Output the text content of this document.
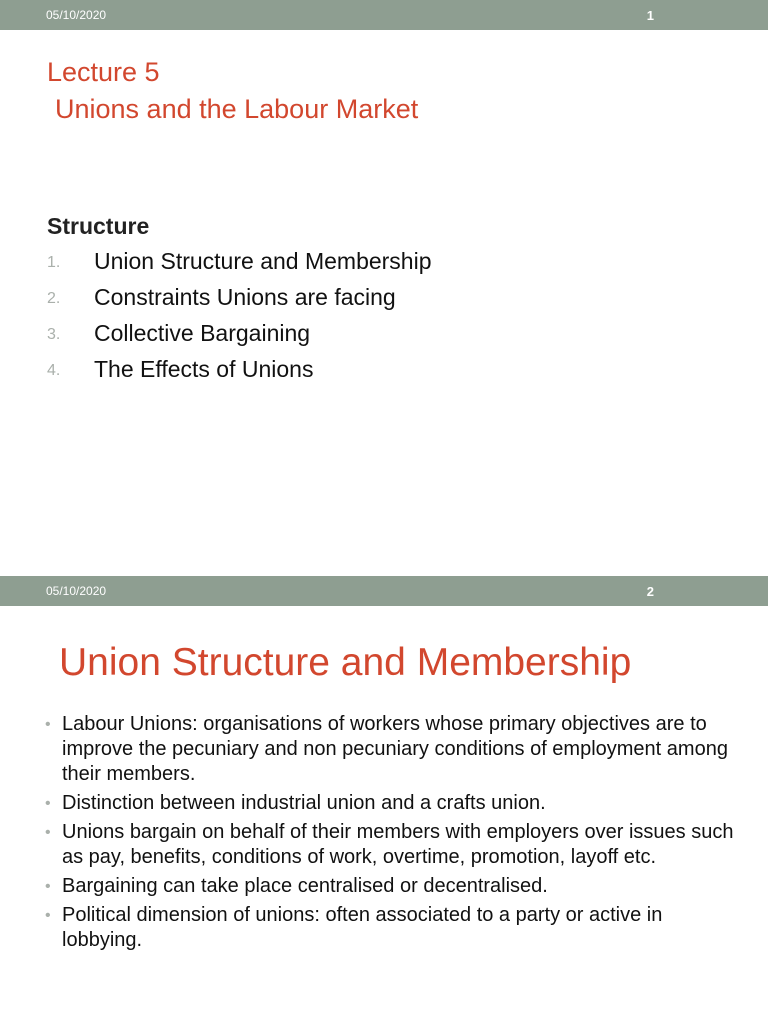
05/10/2020	1
Lecture 5
Unions and the Labour Market
Structure
1. Union Structure and Membership
2. Constraints Unions are facing
3. Collective Bargaining
4. The Effects of Unions
05/10/2020	2
Union Structure and Membership
• Labour Unions: organisations of workers whose primary objectives are to improve the pecuniary and non pecuniary conditions of employment among their members.
• Distinction between industrial union and a crafts union.
• Unions bargain on behalf of their members with employers over issues such as pay, benefits, conditions of work, overtime, promotion, layoff etc.
• Bargaining can take place centralised or decentralised.
• Political dimension of unions: often associated to a party or active in lobbying.
